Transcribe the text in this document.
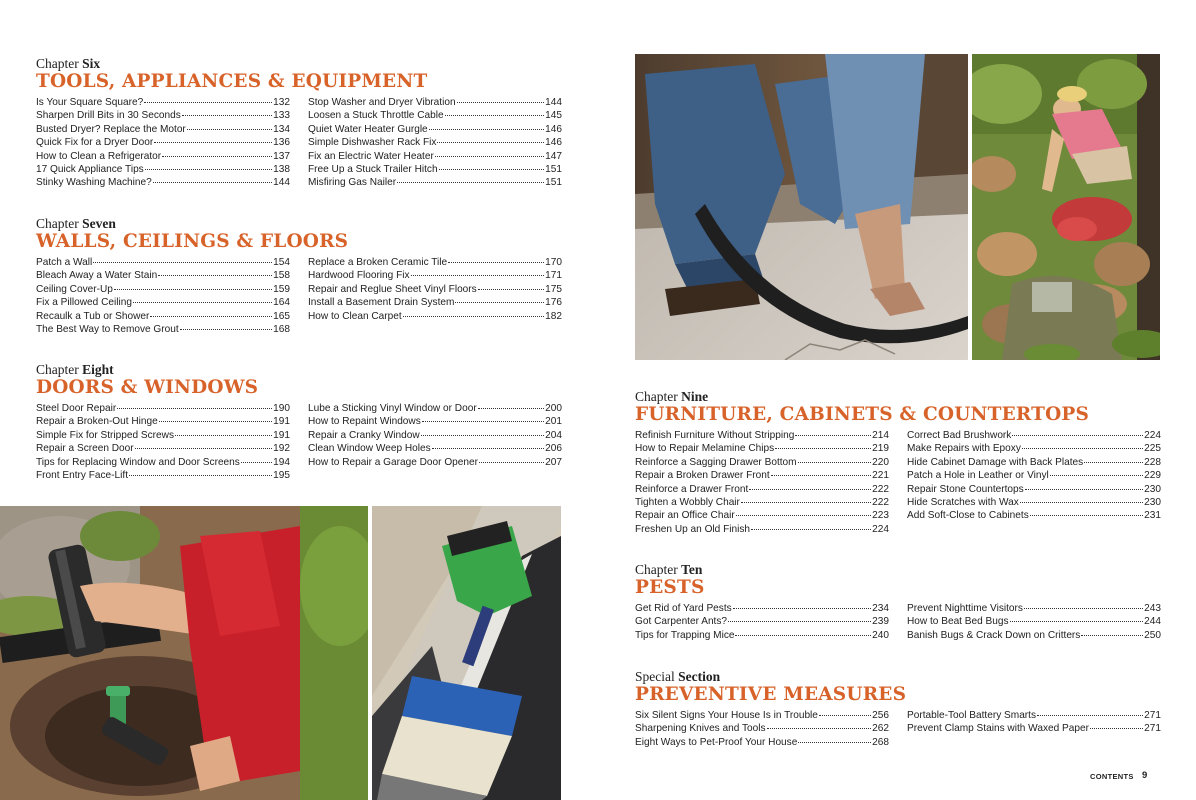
Chapter Six
TOOLS, APPLIANCES & EQUIPMENT
Is Your Square Square?	132
Sharpen Drill Bits in 30 Seconds	133
Busted Dryer? Replace the Motor	134
Quick Fix for a Dryer Door	136
How to Clean a Refrigerator	137
17 Quick Appliance Tips	138
Stinky Washing Machine?	144
Stop Washer and Dryer Vibration	144
Loosen a Stuck Throttle Cable	145
Quiet Water Heater Gurgle	146
Simple Dishwasher Rack Fix	146
Fix an Electric Water Heater	147
Free Up a Stuck Trailer Hitch	151
Misfiring Gas Nailer	151
Chapter Seven
WALLS, CEILINGS & FLOORS
Patch a Wall	154
Bleach Away a Water Stain	158
Ceiling Cover-Up	159
Fix a Pillowed Ceiling	164
Recaulk a Tub or Shower	165
The Best Way to Remove Grout	168
Replace a Broken Ceramic Tile	170
Hardwood Flooring Fix	171
Repair and Reglue Sheet Vinyl Floors	175
Install a Basement Drain System	176
How to Clean Carpet	182
Chapter Eight
DOORS & WINDOWS
Steel Door Repair	190
Repair a Broken-Out Hinge	191
Simple Fix for Stripped Screws	191
Repair a Screen Door	192
Tips for Replacing Window and Door Screens	194
Front Entry Face-Lift	195
Lube a Sticking Vinyl Window or Door	200
How to Repaint Windows	201
Repair a Cranky Window	204
Clean Window Weep Holes	206
How to Repair a Garage Door Opener	207
Chapter Nine
FURNITURE, CABINETS & COUNTERTOPS
Refinish Furniture Without Stripping	214
How to Repair Melamine Chips	219
Reinforce a Sagging Drawer Bottom	220
Repair a Broken Drawer Front	221
Reinforce a Drawer Front	222
Tighten a Wobbly Chair	222
Repair an Office Chair	223
Freshen Up an Old Finish	224
Correct Bad Brushwork	224
Make Repairs with Epoxy	225
Hide Cabinet Damage with Back Plates	228
Patch a Hole in Leather or Vinyl	229
Repair Stone Countertops	230
Hide Scratches with Wax	230
Add Soft-Close to Cabinets	231
Chapter Ten
PESTS
Get Rid of Yard Pests	234
Got Carpenter Ants?	239
Tips for Trapping Mice	240
Prevent Nighttime Visitors	243
How to Beat Bed Bugs	244
Banish Bugs & Crack Down on Critters	250
Special Section
PREVENTIVE MEASURES
Six Silent Signs Your House Is in Trouble	256
Sharpening Knives and Tools	262
Eight Ways to Pet-Proof Your House	268
Portable-Tool Battery Smarts	271
Prevent Clamp Stains with Waxed Paper	271
CONTENTS 9
